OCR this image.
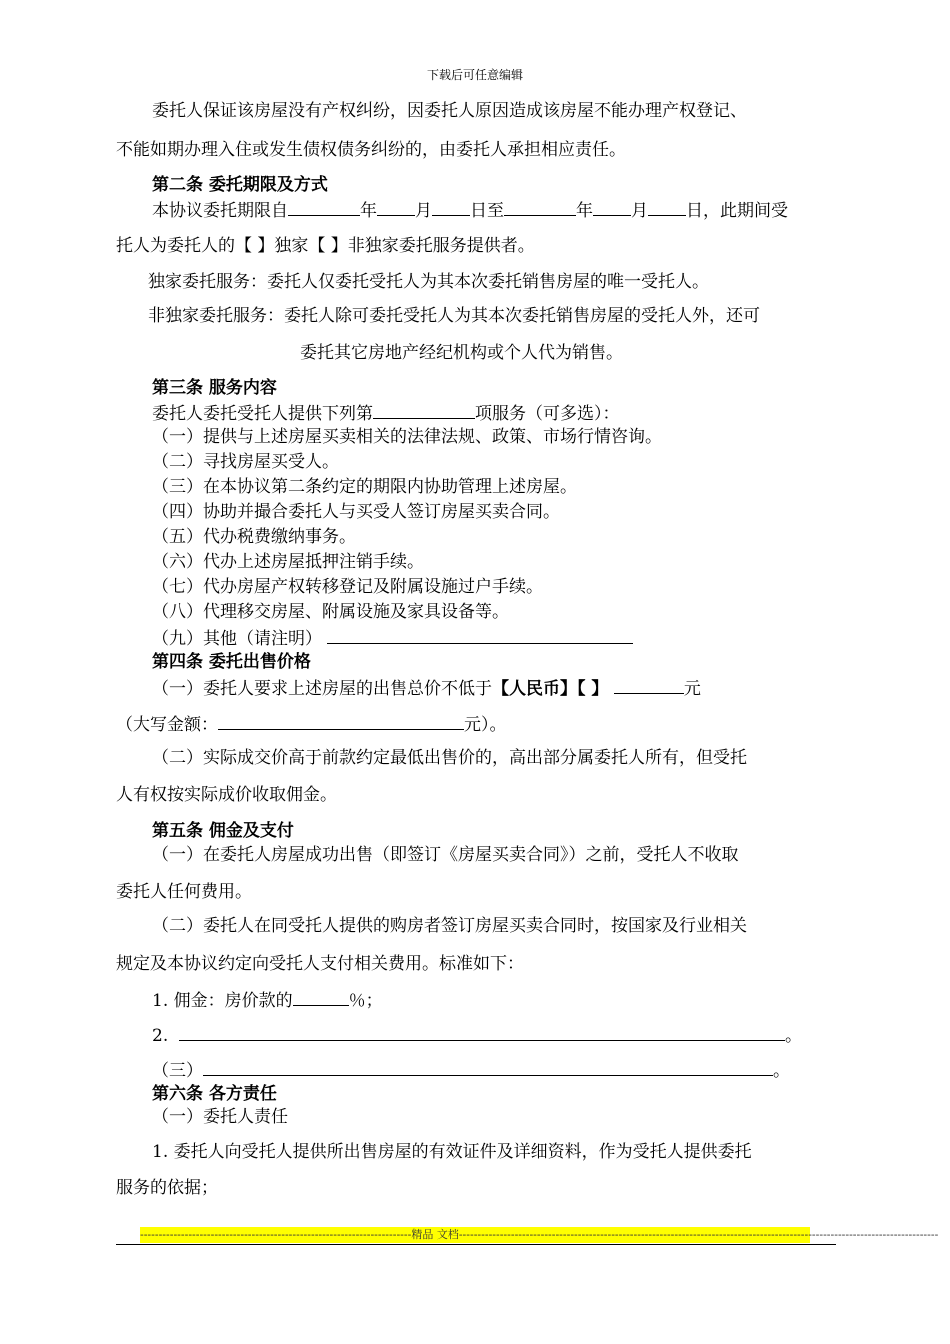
下载后可任意编辑
委托人保证该房屋没有产权纠纷，因委托人原因造成该房屋不能办理产权登记、
不能如期办理入住或发生债权债务纠纷的，由委托人承担相应责任。
第二条 委托期限及方式
本协议委托期限自	年 月 日至	年 月 日，此期间受
托人为委托人的【 】独家【 】非独家委托服务提供者。
独家委托服务：委托人仅委托受托人为其本次委托销售房屋的唯一受托人。
非独家委托服务：委托人除可委托受托人为其本次委托销售房屋的受托人外，还可
委托其它房地产经纪机构或个人代为销售。
第三条 服务内容
委托人委托受托人提供下列第	项服务（可多选）：
（一）提供与上述房屋买卖相关的法律法规、政策、市场行情咨询。
（二）寻找房屋买受人。
（三）在本协议第二条约定的期限内协助管理上述房屋。
（四）协助并撮合委托人与买受人签订房屋买卖合同。
（五）代办税费缴纳事务。
（六）代办上述房屋抵押注销手续。
（七）代办房屋产权转移登记及附属设施过户手续。
（八）代理移交房屋、附属设施及家具设备等。
（九）其他（请注明）
第四条 委托出售价格
（一）委托人要求上述房屋的出售总价不低于【人民币】【 】	元
（大写金额：	元）。
（二）实际成交价高于前款约定最低出售价的，高出部分属委托人所有，但受托
人有权按实际成价收取佣金。
第五条 佣金及支付
（一）在委托人房屋成功出售（即签订《房屋买卖合同》）之前，受托人不收取
委托人任何费用。
（二）委托人在同受托人提供的购房者签订房屋买卖合同时，按国家及行业相关
规定及本协议约定向受托人支付相关费用。标准如下：
1. 佣金：房价款的	％；
2.	。
（三）	。
第六条 各方责任
（一）委托人责任
1. 委托人向受托人提供所出售房屋的有效证件及详细资料，作为受托人提供委托
服务的依据；
-------------------------------------------------------------------------精品 文档---------------------------------------------------------------------------------------------------------------------------------
